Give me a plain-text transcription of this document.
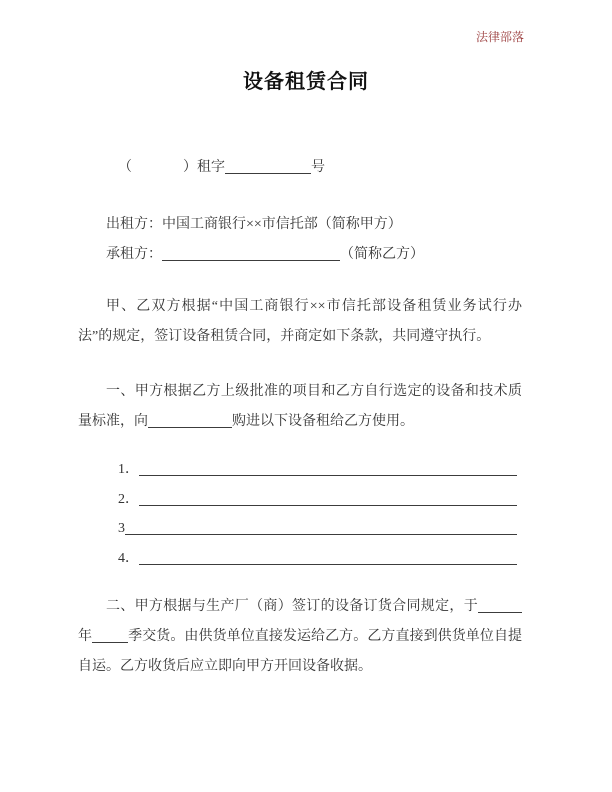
法律部落
设备租赁合同

（	）租字	号

出租方：中国工商银行××市信托部（简称甲方）
承租方：	（简称乙方）

甲、乙双方根据“中国工商银行××市信托部设备租赁业务试行办法”的规定，签订设备租赁合同，并商定如下条款，共同遵守执行。

一、甲方根据乙方上级批准的项目和乙方自行选定的设备和技术质量标准，向	购进以下设备租给乙方使用。

1．
2．
3
4．

二、甲方根据与生产厂（商）签订的设备订货合同规定，于年	季交货。由供货单位直接发运给乙方。乙方直接到供货单位自提自运。乙方收货后应立即向甲方开回设备收据。
